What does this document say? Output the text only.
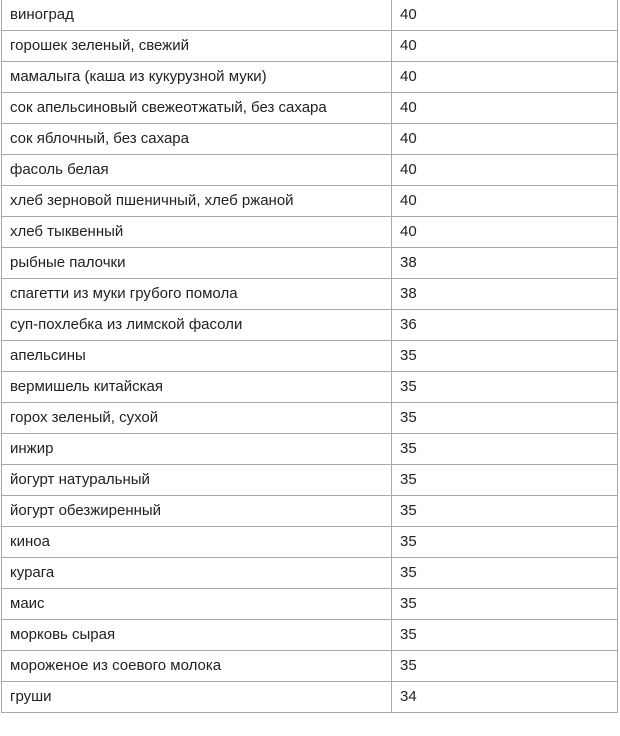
виноград	40
горошек зеленый, свежий	40
мамалыга (каша из кукурузной муки)	40
сок апельсиновый свежеотжатый, без сахара	40
сок яблочный, без сахара	40
фасоль белая	40
хлеб зерновой пшеничный, хлеб ржаной	40
хлеб тыквенный	40
рыбные палочки	38
спагетти из муки грубого помола	38
суп-похлебка из лимской фасоли	36
апельсины	35
вермишель китайская	35
горох зеленый, сухой	35
инжир	35
йогурт натуральный	35
йогурт обезжиренный	35
киноа	35
курага	35
маис	35
морковь сырая	35
мороженое из соевого молока	35
груши	34
